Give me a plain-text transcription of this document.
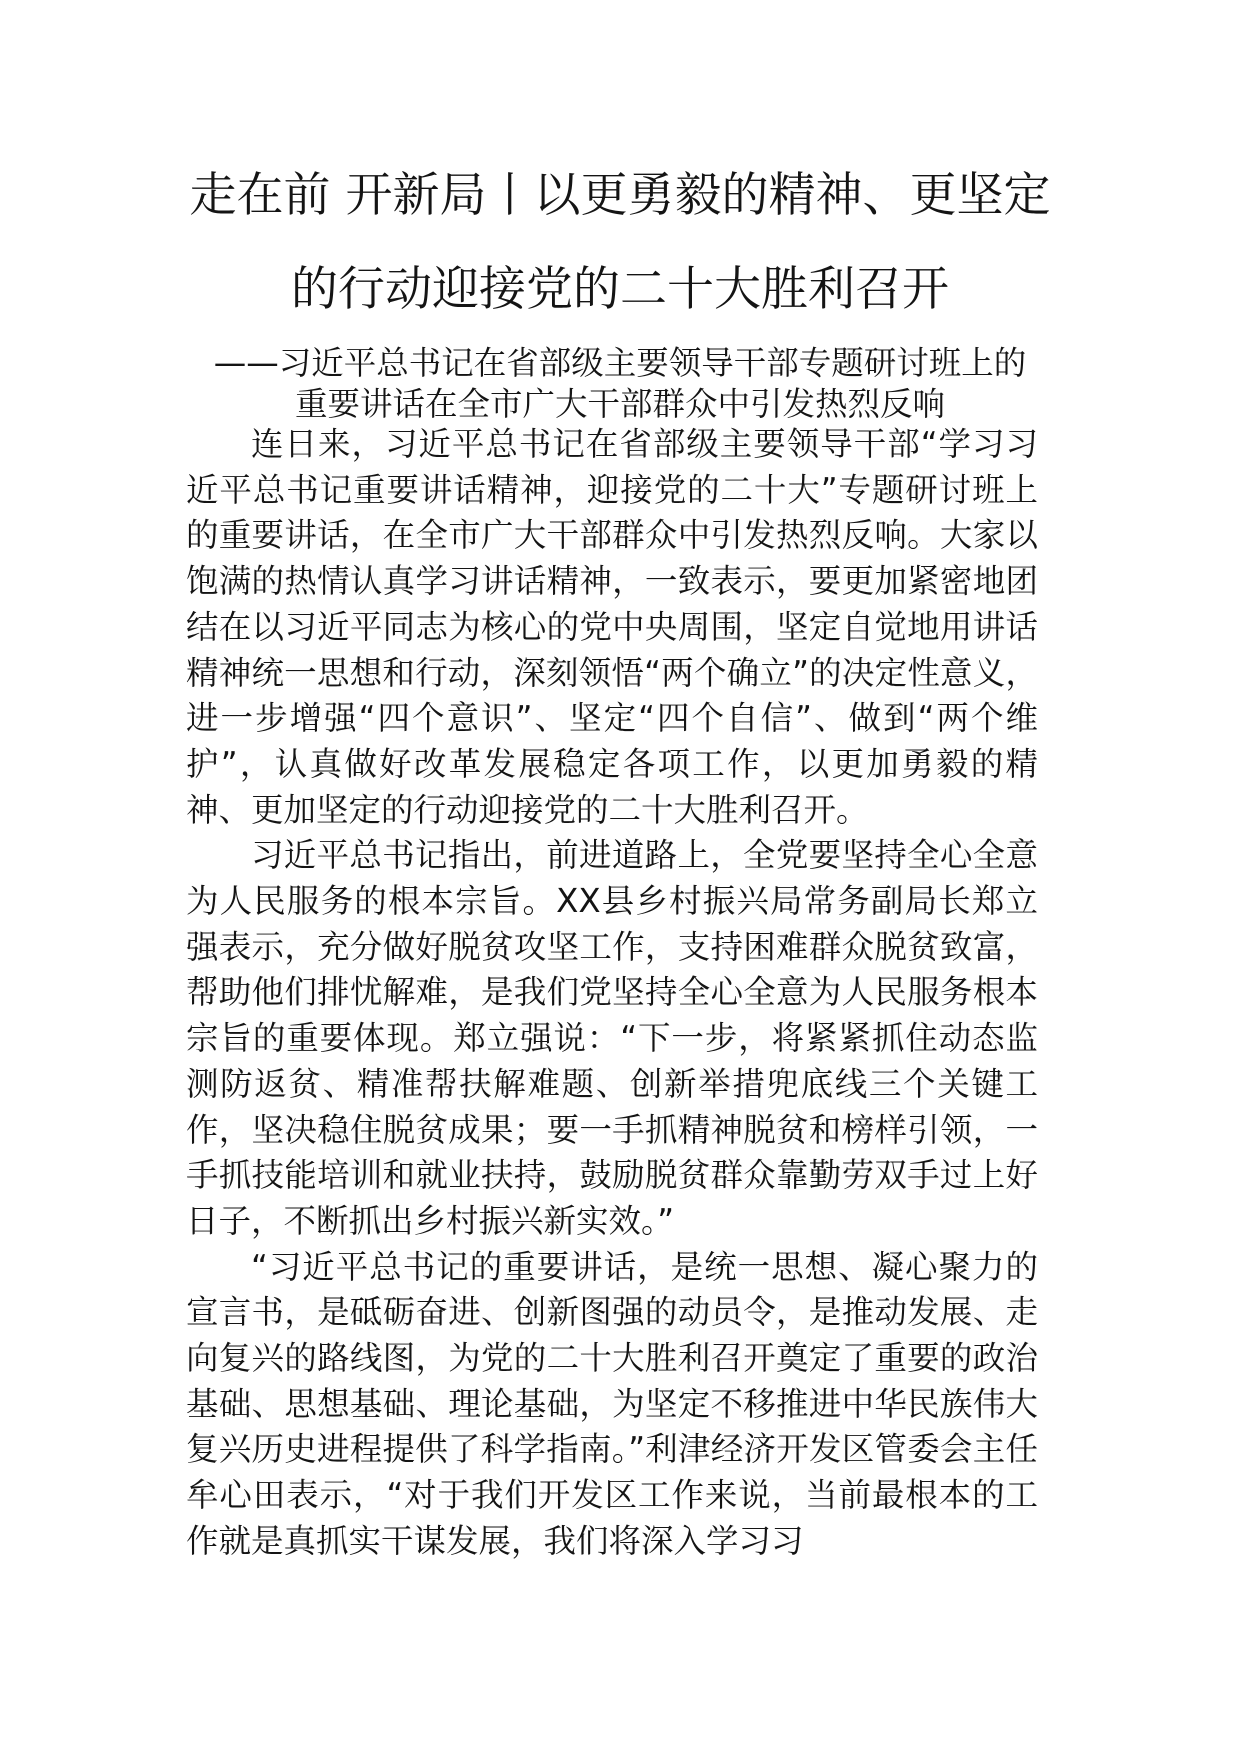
走在前 开新局丨以更勇毅的精神、更坚定
的行动迎接党的二十大胜利召开
——习近平总书记在省部级主要领导干部专题研讨班上的
重要讲话在全市广大干部群众中引发热烈反响

连日来，习近平总书记在省部级主要领导干部“学习习近平总书记重要讲话精神，迎接党的二十大”专题研讨班上的重要讲话，在全市广大干部群众中引发热烈反响。大家以饱满的热情认真学习讲话精神，一致表示，要更加紧密地团结在以习近平同志为核心的党中央周围，坚定自觉地用讲话精神统一思想和行动，深刻领悟“两个确立”的决定性意义，进一步增强“四个意识”、坚定“四个自信”、做到“两个维护”，认真做好改革发展稳定各项工作，以更加勇毅的精神、更加坚定的行动迎接党的二十大胜利召开。

习近平总书记指出，前进道路上，全党要坚持全心全意为人民服务的根本宗旨。XX县乡村振兴局常务副局长郑立强表示，充分做好脱贫攻坚工作，支持困难群众脱贫致富，帮助他们排忧解难，是我们党坚持全心全意为人民服务根本宗旨的重要体现。郑立强说：“下一步，将紧紧抓住动态监测防返贫、精准帮扶解难题、创新举措兜底线三个关键工作，坚决稳住脱贫成果；要一手抓精神脱贫和榜样引领，一手抓技能培训和就业扶持，鼓励脱贫群众靠勤劳双手过上好日子，不断抓出乡村振兴新实效。”

“习近平总书记的重要讲话，是统一思想、凝心聚力的宣言书，是砥砺奋进、创新图强的动员令，是推动发展、走向复兴的路线图，为党的二十大胜利召开奠定了重要的政治基础、思想基础、理论基础，为坚定不移推进中华民族伟大复兴历史进程提供了科学指南。”利津经济开发区管委会主任牟心田表示，“对于我们开发区工作来说，当前最根本的工作就是真抓实干谋发展，我们将深入学习习
